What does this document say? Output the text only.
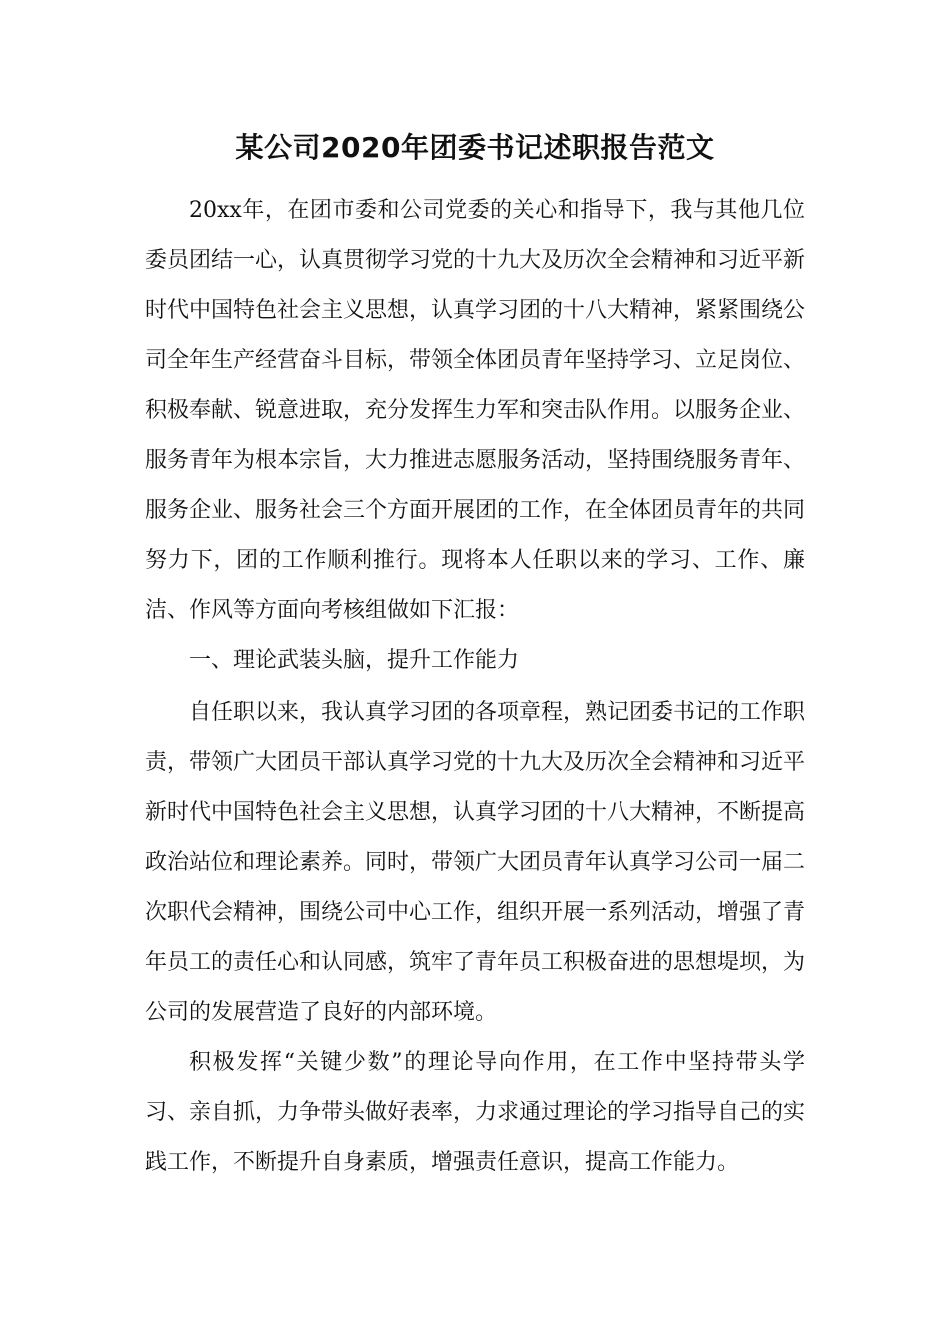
某公司2020年团委书记述职报告范文

20xx年，在团市委和公司党委的关心和指导下，我与其他几位委员团结一心，认真贯彻学习党的十九大及历次全会精神和习近平新时代中国特色社会主义思想，认真学习团的十八大精神，紧紧围绕公司全年生产经营奋斗目标，带领全体团员青年坚持学习、立足岗位、积极奉献、锐意进取，充分发挥生力军和突击队作用。以服务企业、服务青年为根本宗旨，大力推进志愿服务活动，坚持围绕服务青年、服务企业、服务社会三个方面开展团的工作，在全体团员青年的共同努力下，团的工作顺利推行。现将本人任职以来的学习、工作、廉洁、作风等方面向考核组做如下汇报：

一、理论武装头脑，提升工作能力

自任职以来，我认真学习团的各项章程，熟记团委书记的工作职责，带领广大团员干部认真学习党的十九大及历次全会精神和习近平新时代中国特色社会主义思想，认真学习团的十八大精神，不断提高政治站位和理论素养。同时，带领广大团员青年认真学习公司一届二次职代会精神，围绕公司中心工作，组织开展一系列活动，增强了青年员工的责任心和认同感，筑牢了青年员工积极奋进的思想堤坝，为公司的发展营造了良好的内部环境。

积极发挥“关键少数”的理论导向作用，在工作中坚持带头学习、亲自抓，力争带头做好表率，力求通过理论的学习指导自己的实践工作，不断提升自身素质，增强责任意识，提高工作能力。
